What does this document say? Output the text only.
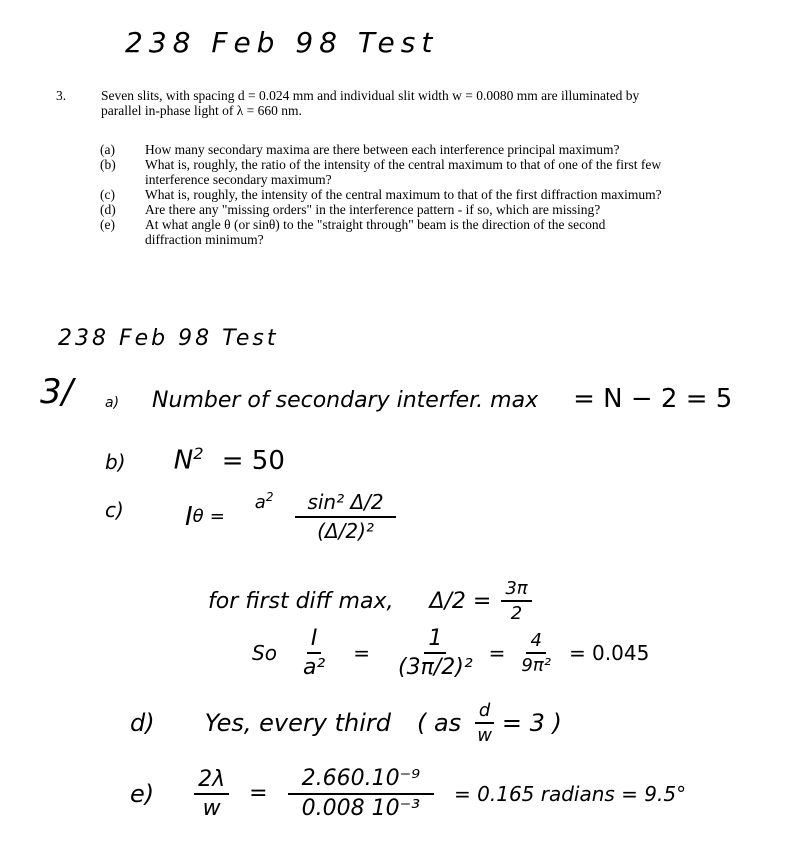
238 Feb 98 Test
3.	Seven slits, with spacing d = 0.024 mm and individual slit width w = 0.0080 mm are illuminated by
parallel in-phase light of λ = 660 nm.
(a)	How many secondary maxima are there between each interference principal maximum?
(b)	What is, roughly, the ratio of the intensity of the central maximum to that of one of the first few
interference secondary maximum?
(c)	What is, roughly, the intensity of the central maximum to that of the first diffraction maximum?
(d)	Are there any "missing orders" in the interference pattern - if so, which are missing?
(e)	At what angle θ (or sinθ) to the "straight through" beam is the direction of the second
diffraction minimum?
238 Feb 98 Test
3/ a) Number of secondary interfer. max = N − 2 = 5
b) $N^2 = 50$
c) I θ =
$a^2 \frac{\text{sin² Δ/2}}{\text{(Δ/2)²}}$
for first diff max, $\Delta/2 = \frac{3\pi}{2}$
So $\frac{I}{\text{a²}} = \frac{1}{\text{(3π/2)²}} = \frac{4}{\text{9π²}} = 0.045$
d) Yes, every third ( as $\frac{d}{w} = 3$ )
$e) \frac{2\lambda}{w} = \frac{\text{2.660.10⁻⁹}}{\text{0.008 10⁻³}} = 0.165$ radians = 9.5°
